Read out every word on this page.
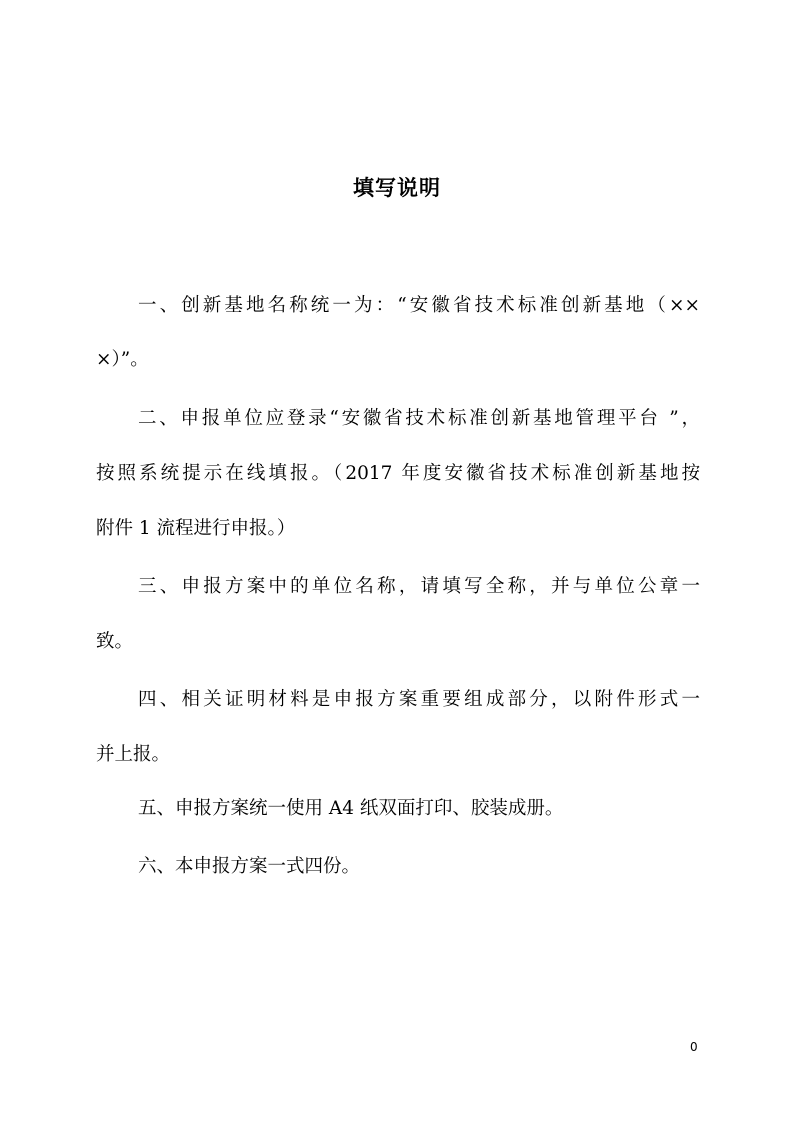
填写说明
一、创新基地名称统一为：“安徽省技术标准创新基地（××
×）”。
二、申报单位应登录“安徽省技术标准创新基地管理平台 ”，
按照系统提示在线填报。（2017 年度安徽省技术标准创新基地按
附件 1 流程进行申报。）
三、申报方案中的单位名称，请填写全称，并与单位公章一
致。
四、相关证明材料是申报方案重要组成部分，以附件形式一
并上报。
五、申报方案统一使用 A4 纸双面打印、胶装成册。
六、本申报方案一式四份。
0
